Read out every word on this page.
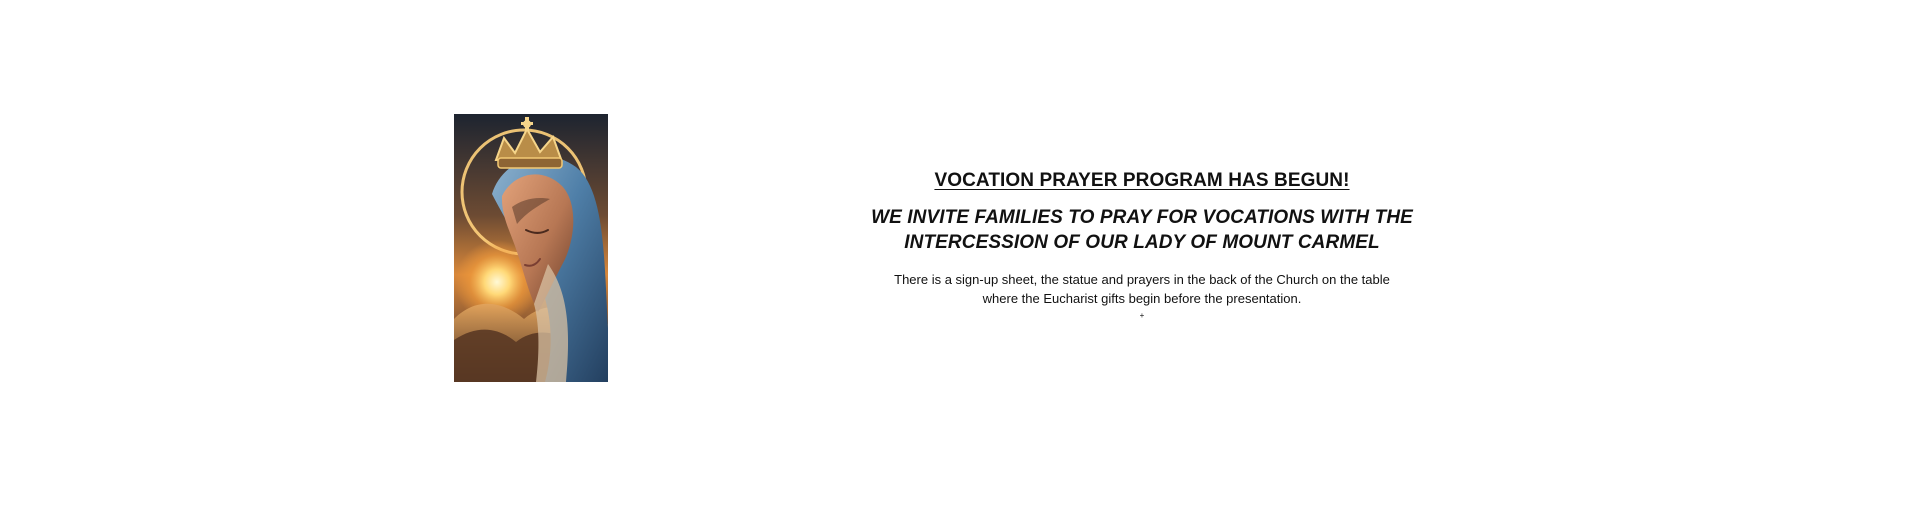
VOCATION PRAYER PROGRAM HAS BEGUN!

WE INVITE FAMILIES TO PRAY FOR VOCATIONS WITH THE
INTERCESSION OF OUR LADY OF MOUNT CARMEL

There is a sign-up sheet, the statue and prayers in the back of the Church on the table
where the Eucharist gifts begin before the presentation.

+
